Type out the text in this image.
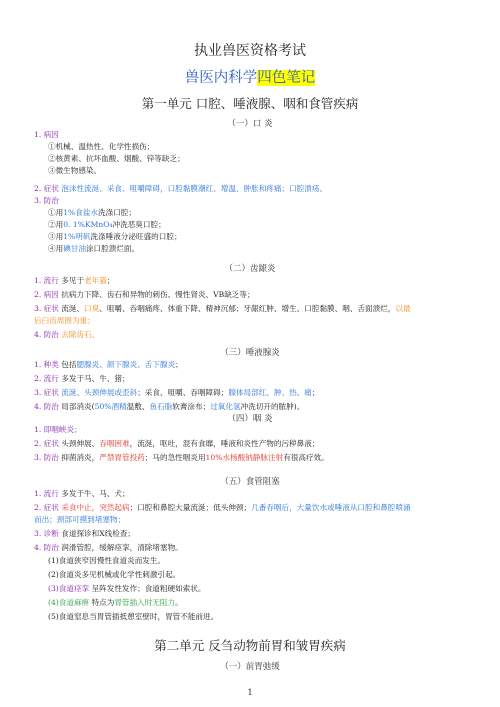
执业兽医资格考试
兽医内科学四色笔记
第一单元 口腔、唾液腺、咽和食管疾病
（一）口 炎
1. 病因
①机械、温热性、化学性损伤；
②核黄素、抗坏血酸、烟酸、锌等缺乏；
③微生物感染。
2. 症状 泡沫性流涎、采食、咀嚼障碍，口腔黏膜潮红、增温、肿胀和疼痛；口腔溃疡。
3. 防治
①用1%食盐水洗涤口腔；
②用0. 1%KMnO₄冲洗恶臭口腔；
③用1%明矾洗涤唾液分泌旺盛的口腔；
④用碘甘油涂口腔溃烂面。
（二）齿龈炎
1. 流行 多见于老年猫；
2. 病因 抗病力下降、齿石和异物的刺伤、慢性肾炎、VB缺乏等；
3. 症状 流涎、口臭、咀嚼、吞咽痛疼、体重下降、精神沉郁；牙龈红肿、增生、口腔黏膜、咽、舌面溃烂，以最
后臼齿周围为重；
4. 防治 去除齿石。
（三）唾液腺炎
1. 种类 包括腮腺炎、颌下腺炎、舌下腺炎；
2. 流行 多发于马、牛、猪；
3. 症状 流涎、头颈伸展或歪斜；采食、咀嚼、吞咽障碍；腺体局部红、肿、热、痛；
4. 防治 局部消炎(50%酒精温敷、鱼石脂软膏涂布；过氧化氢冲洗切开的脓肿)。
（四）咽 炎
1. 即咽峡炎；
2. 症状 头颈伸展、吞咽困难，流涎，呕吐，混有食靡，唾液和炎性产物的污秽鼻液；
3. 防治 抑菌消炎，严禁胃管投药；马的急性咽炎用10%水杨酸钠静脉注射有很高疗效。
（五）食管阻塞
1. 流行 多发于牛、马、犬；
2. 症状 采食中止，突然起病；口腔和鼻腔大量流涎；低头伸颈；几番吞咽后，大量饮水或唾液从口腔和鼻腔喷涌
而出；颈部可摸到堵塞物；
3. 诊断 食道探诊和X线检查；
4. 防治 润滑管腔，缓解痉挛，清除堵塞物。
(1)食道狭窄因慢性食道炎而发生。
(2)食道炎多见机械或化学性刺激引起。
(3)食道痉挛 呈阵发性发作；食道粗硬如索状。
(4)食道麻痹 特点为胃管插入时无阻力。
(5)食道窒息当胃管插抵憩室壁时，胃管不能前进。
第二单元 反刍动物前胃和皱胃疾病
（一）前胃弛缓
1
